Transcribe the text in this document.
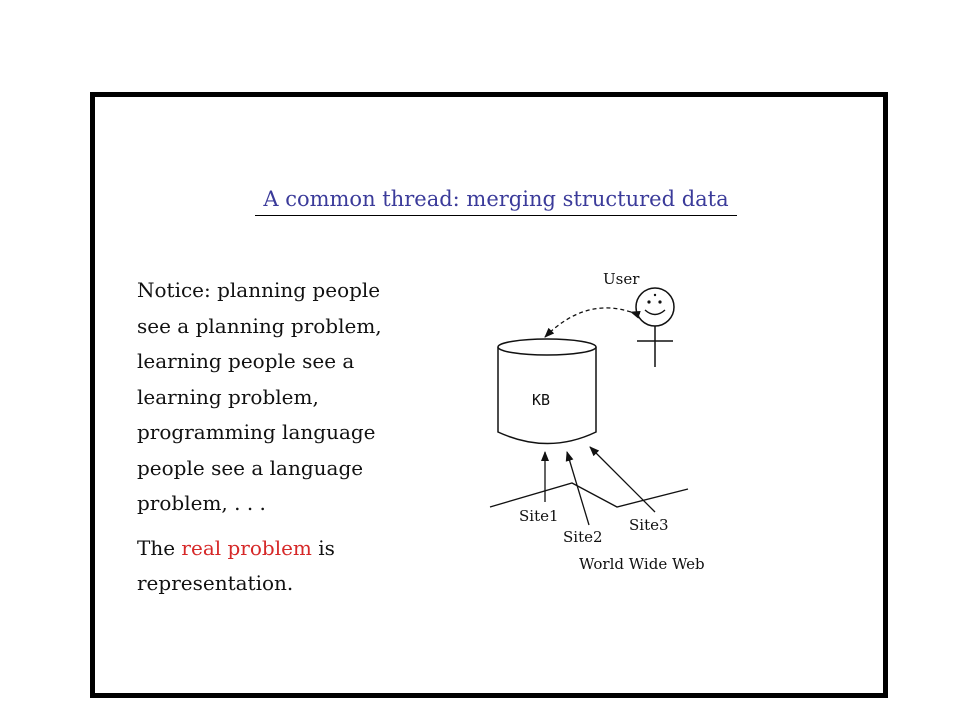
A common thread: merging structured data

Notice: planning people
see a planning problem,
learning people see a
learning problem,
programming language
people see a language
problem, . . .

The real problem is
representation.

User
KB
Site1
Site2
Site3
World Wide Web
